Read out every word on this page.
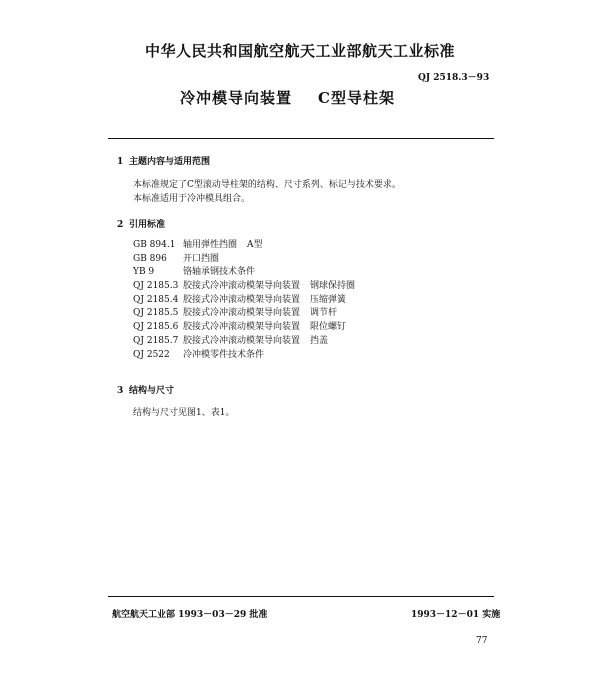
中华人民共和国航空航天工业部航天工业标准
QJ 2518.3－93
冷冲模导向装置 C型导柱架
1 主题内容与适用范围
本标准规定了C型滚动导柱架的结构、尺寸系列、标记与技术要求。
本标准适用于冷冲模具组合。
2 引用标准
GB 894.1 轴用弹性挡圈 A型
GB 896 开口挡圈
YB 9	铬轴承钢技术条件
QJ 2185.3 胶接式冷冲滚动模架导向装置 钢球保持圈
QJ 2185.4 胶接式冷冲滚动模架导向装置 压缩弹簧
QJ 2185.5 胶接式冷冲滚动模架导向装置 调节杆
QJ 2185.6 胶接式冷冲滚动模架导向装置 限位螺钉
QJ 2185.7 胶接式冷冲滚动模架导向装置 挡盖
QJ 2522 冷冲模零件技术条件
3 结构与尺寸
结构与尺寸见图1、表1。
航空航天工业部 1993－03－29 批准	1993－12－01 实施
77
